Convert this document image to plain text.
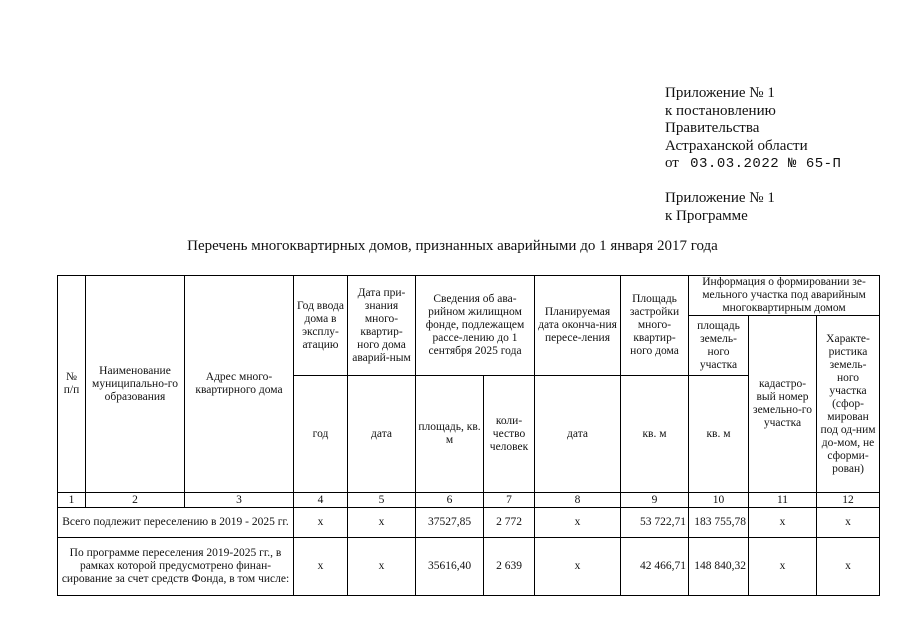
Приложение № 1
к постановлению
Правительства
Астраханской области
от 03.03.2022 № 65-П
Приложение № 1
к Программе
Перечень многоквартирных домов, признанных аварийными до 1 января 2017 года
№ п/п	Наименование муниципально-го образования	Адрес много-квартирного дома	Год ввода дома в эксплу-атацию	Дата при-знания много-квартир-ного дома аварий-ным	Сведения об ава-рийном жилищном фонде, подлежащем рассе-лению до 1 сентября 2025 года		Планируемая дата оконча-ния пересе-ления	Площадь застройки много-квартир-ного дома	Информация о формировании зе-мельного участка под аварийным многоквартирным домом		
									площадь земель-ного участка	кадастро-вый номер земельно-го участка	Характе-ристика земель-ного участка (сфор-мирован под од-ним до-мом, не сформи-рован)
			год	дата	площадь, кв. м	коли-чество человек	дата	кв. м	кв. м		
1	2	3	4	5	6	7	8	9	10	11	12
Всего подлежит переселению в 2019 - 2025 гг.			x	x	37527,85	2 772	x	53 722,71	183 755,78	x	x
По программе переселения 2019-2025 гг., в рамках которой предусмотрено финан-сирование за счет средств Фонда, в том числе:			x	x	35616,40	2 639	x	42 466,71	148 840,32	x	x
